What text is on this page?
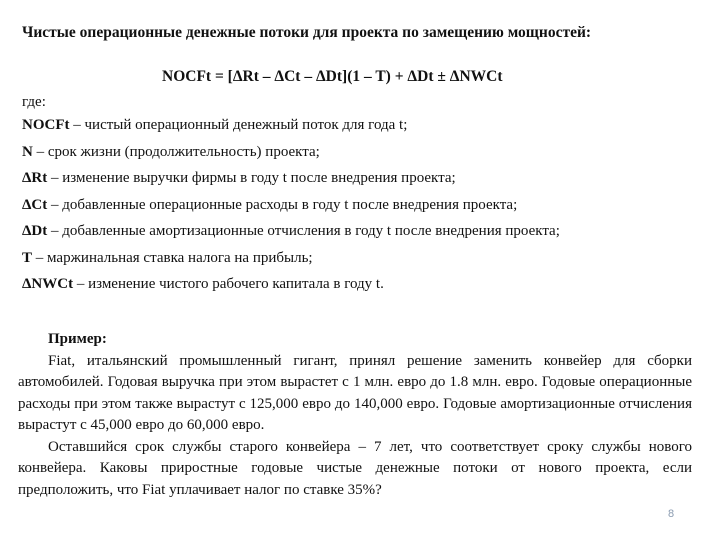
Чистые операционные денежные потоки для проекта по замещению мощностей:
NOCFt = [ΔRt – ΔCt – ΔDt](1 – T) + ΔDt ± ΔNWCt
где:
NOCFt – чистый операционный денежный поток для года t;
N – срок жизни (продолжительность) проекта;
ΔRt – изменение выручки фирмы в году t после внедрения проекта;
ΔCt – добавленные операционные расходы в году t после внедрения проекта;
ΔDt – добавленные амортизационные отчисления в году t после внедрения проекта;
T – маржинальная ставка налога на прибыль;
ΔNWCt – изменение чистого рабочего капитала в году t.
Пример:

Fiat, итальянский промышленный гигант, принял решение заменить конвейер для сборки автомобилей. Годовая выручка при этом вырастет с 1 млн. евро до 1.8 млн. евро. Годовые операционные расходы при этом также вырастут с 125,000 евро до 140,000 евро. Годовые амортизационные отчисления вырастут с 45,000 евро до 60,000 евро.

Оставшийся срок службы старого конвейера – 7 лет, что соответствует сроку службы нового конвейера. Каковы приростные годовые чистые денежные потоки от нового проекта, если предположить, что Fiat уплачивает налог по ставке 35%?

8
